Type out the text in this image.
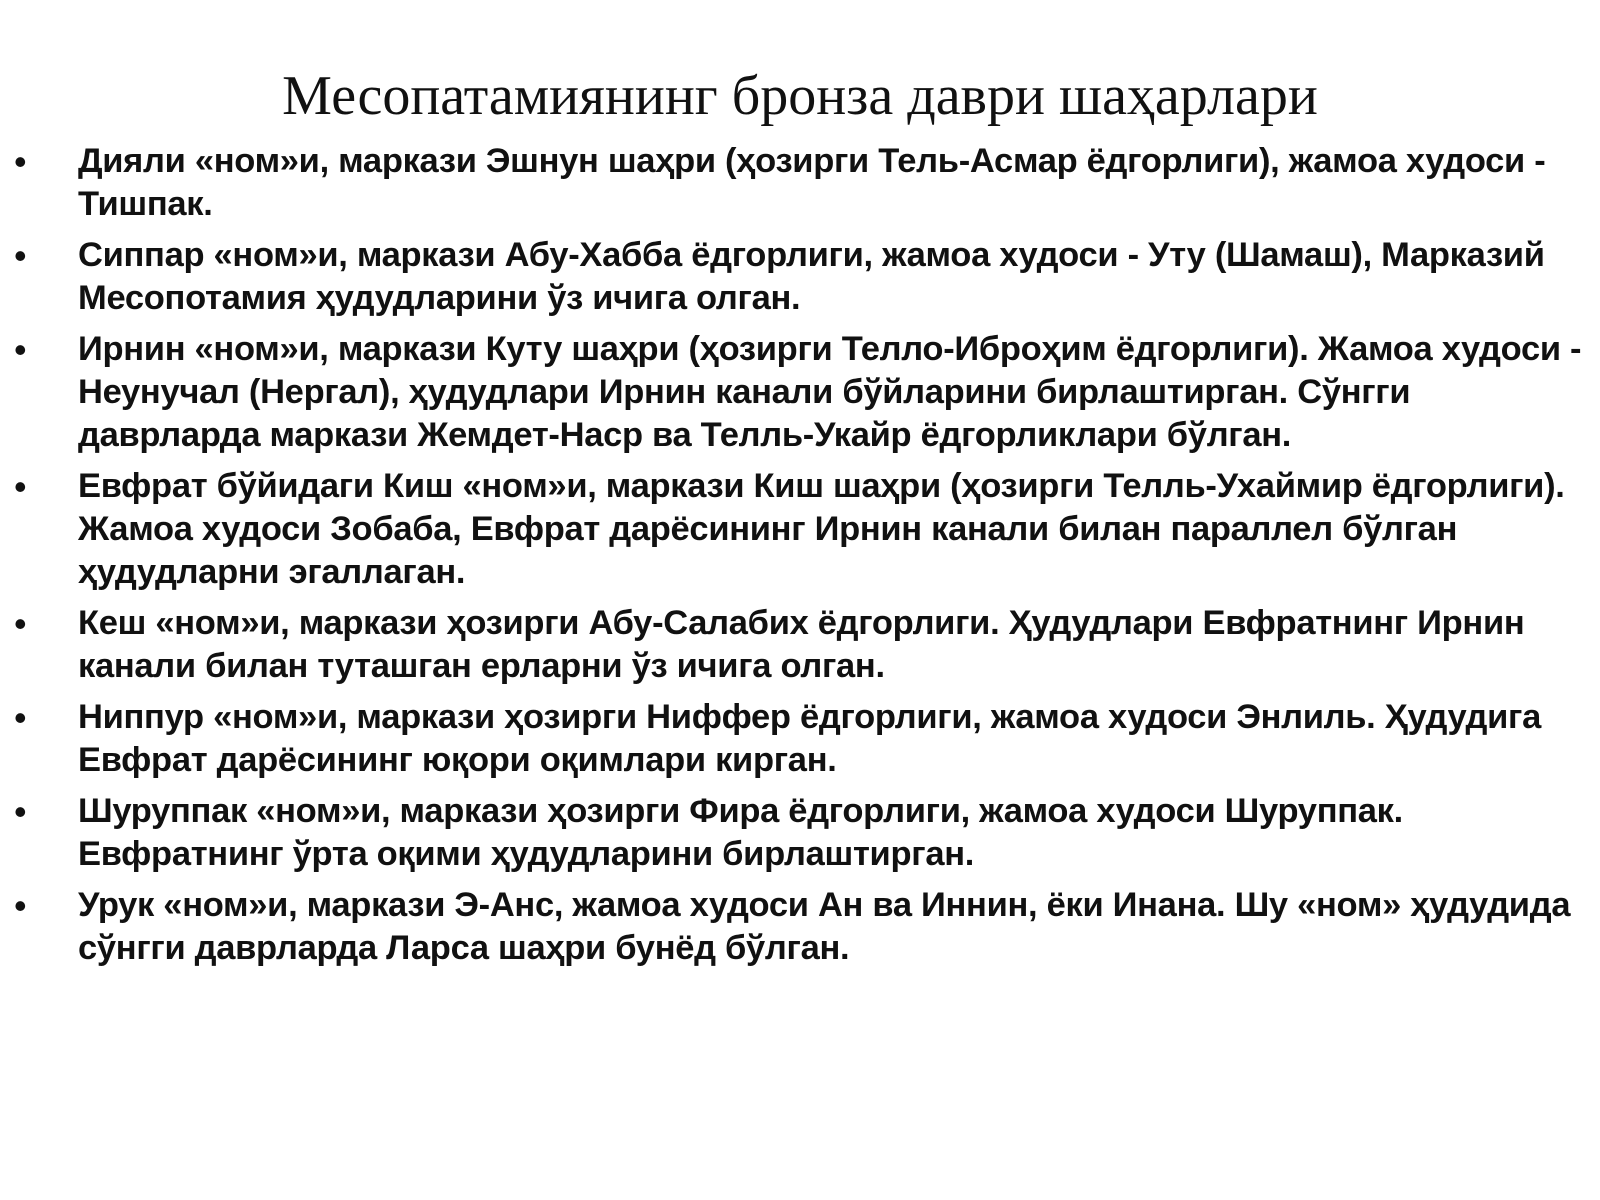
Месопатамиянинг бронза даври шаҳарлари
•	Дияли «ном»и, маркази Эшнун шаҳри (ҳозирги Тель-Асмар ёдгорлиги), жамоа худоси - Тишпак.
•	Сиппар «ном»и, маркази Абу-Хабба ёдгорлиги, жамоа худоси - Уту (Шамаш), Марказий Месопотамия ҳудудларини ўз ичига олган.
•	Ирнин «ном»и, маркази Куту шаҳри (ҳозирги Телло-Иброҳим ёдгорлиги). Жамоа худоси - Неунучал (Нергал), ҳудудлари Ирнин канали бўйларини бирлаштирган. Сўнгги даврларда маркази Жемдет-Наср ва Телль-Укайр ёдгорликлари бўлган.
•	Евфрат бўйидаги Киш «ном»и, маркази Киш шаҳри (ҳозирги Телль-Ухаймир ёдгорлиги). Жамоа худоси Зобаба, Евфрат дарёсининг Ирнин канали билан параллел бўлган ҳудудларни эгаллаган.
•	Кеш «ном»и, маркази ҳозирги Абу-Салабих ёдгорлиги. Ҳудудлари Евфратнинг Ирнин канали билан туташган ерларни ўз ичига олган.
•	Ниппур «ном»и, маркази ҳозирги Ниффер ёдгорлиги, жамоа худоси Энлиль. Ҳудудига Евфрат дарёсининг юқори оқимлари кирган.
•	Шуруппак «ном»и, маркази ҳозирги Фира ёдгорлиги, жамоа худоси Шуруппак. Евфратнинг ўрта оқими ҳудудларини бирлаштирган.
•	Урук «ном»и, маркази Э-Анс, жамоа худоси Ан ва Иннин, ёки Инана. Шу «ном» ҳудудида сўнгги даврларда Ларса шаҳри бунёд бўлган.
